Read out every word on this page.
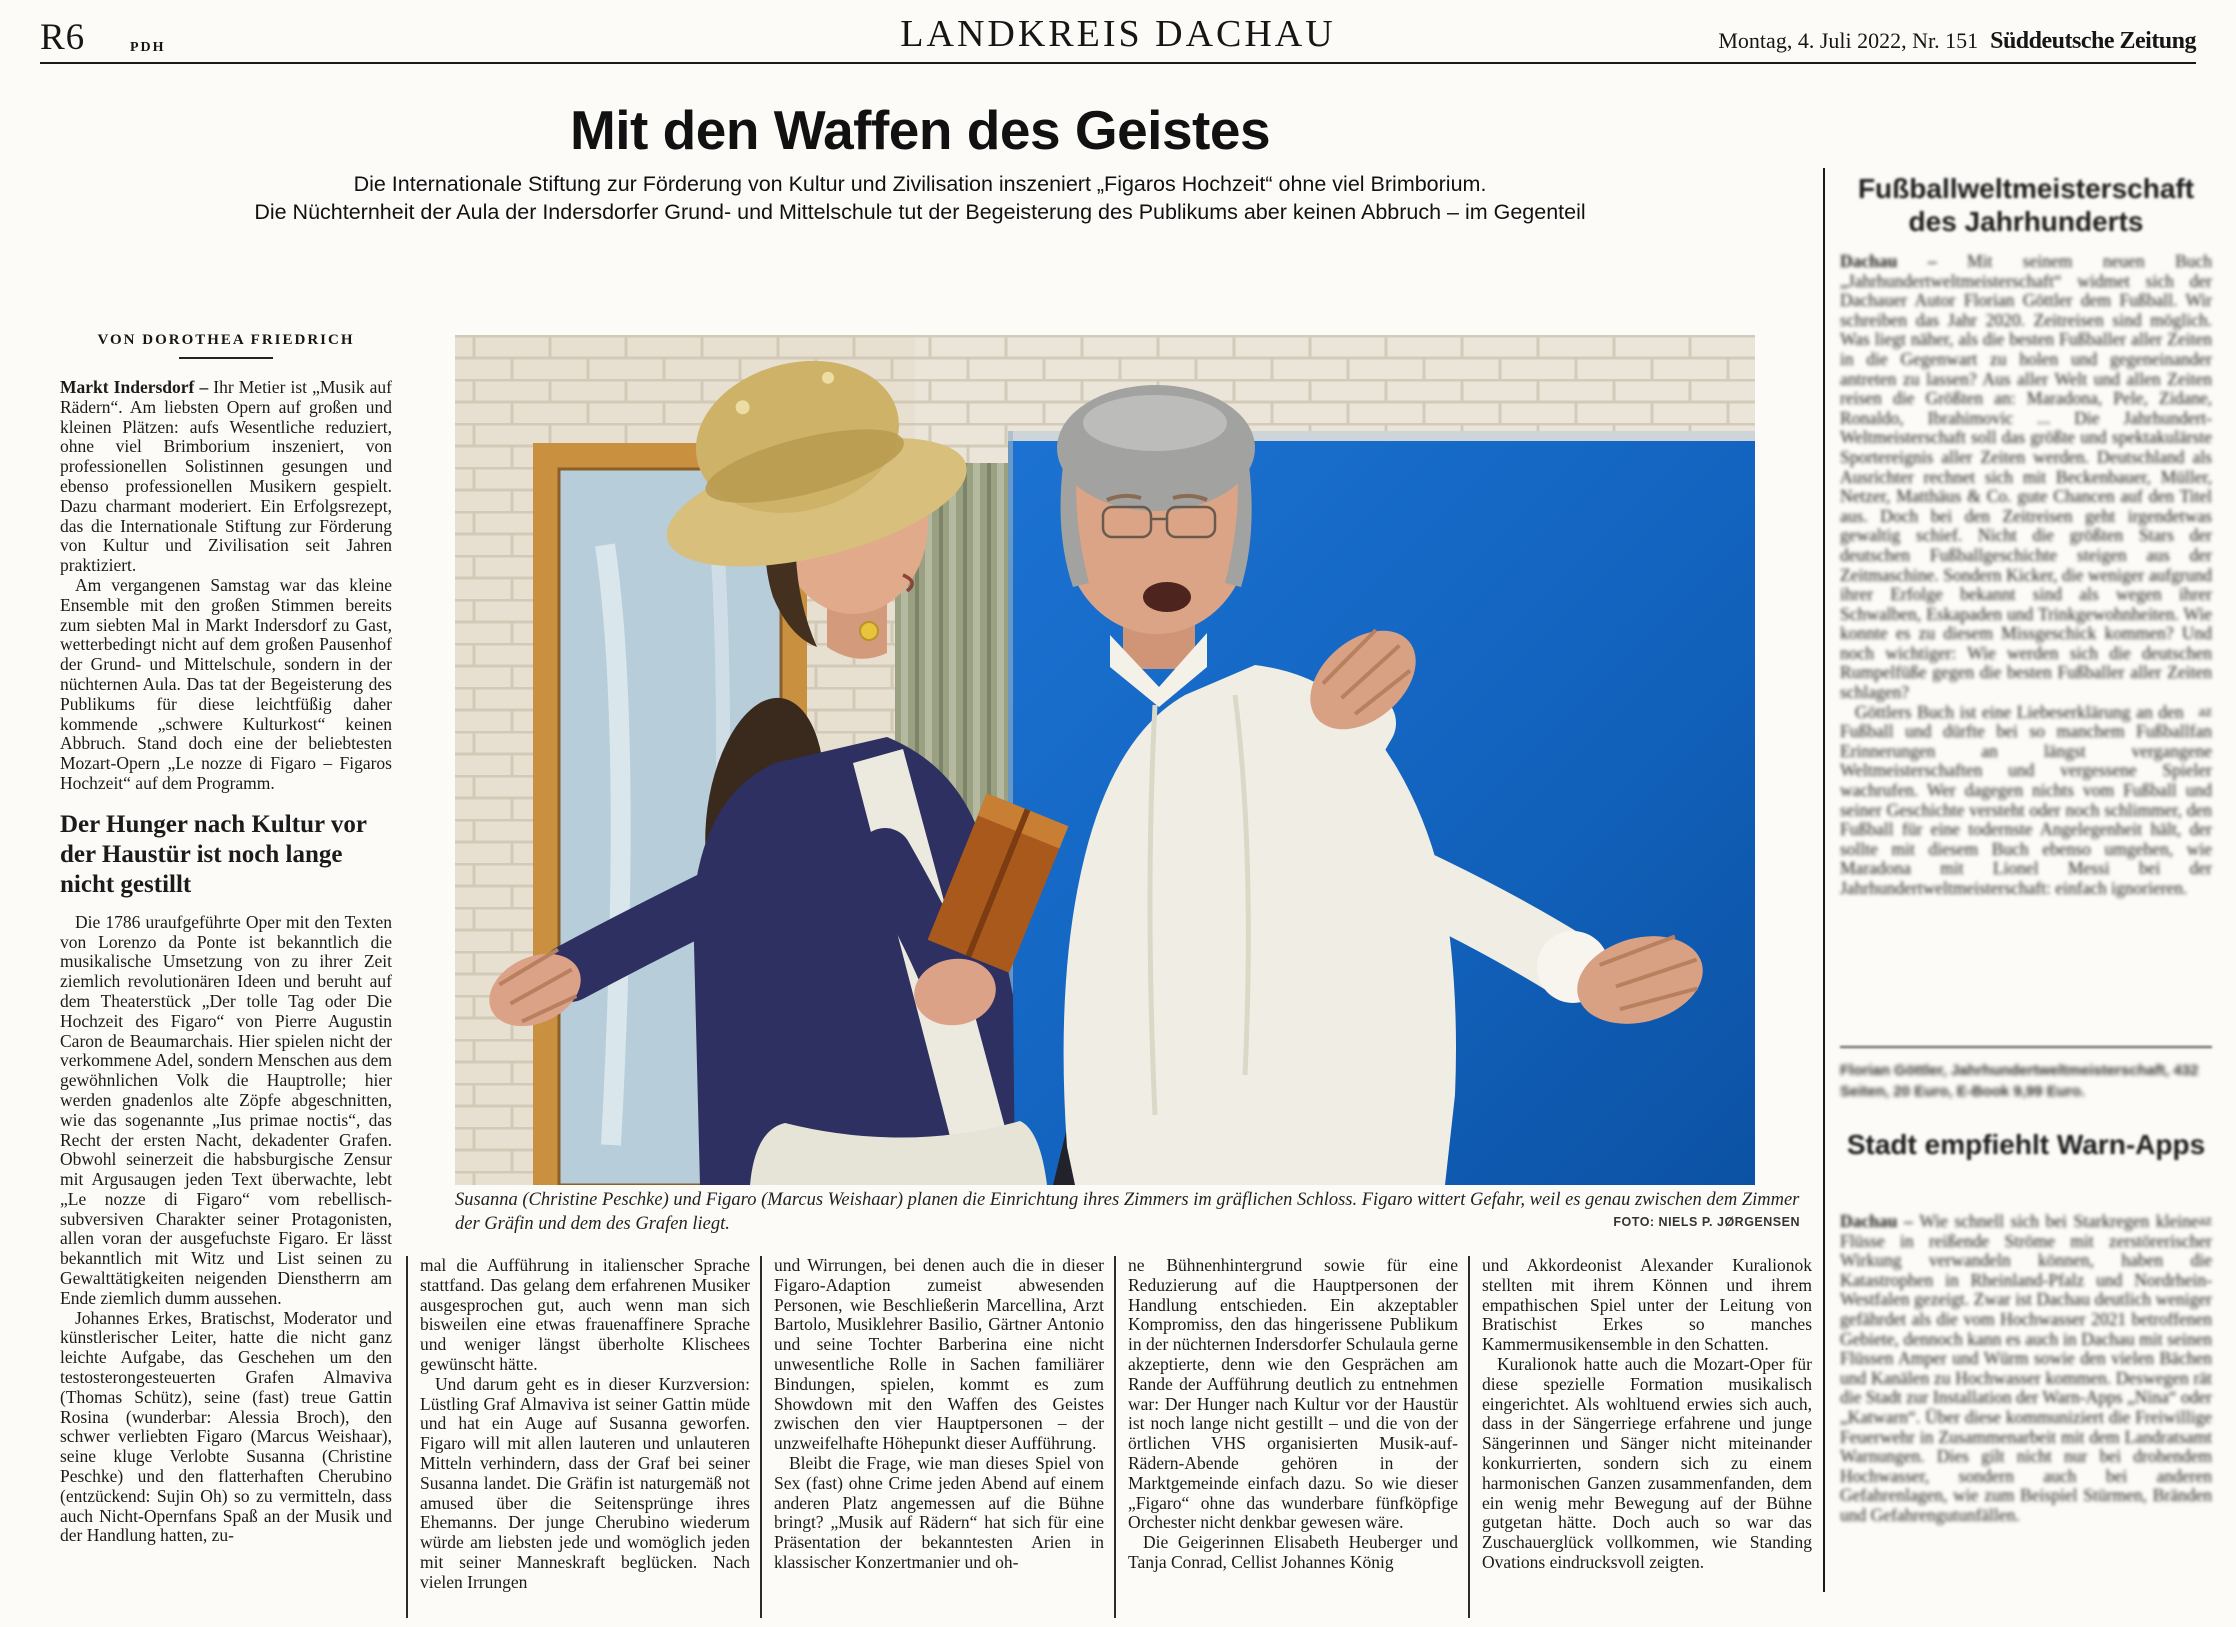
R6	PDH	LANDKREIS DACHAU	Montag, 4. Juli 2022, Nr. 151 Süddeutsche Zeitung
Mit den Waffen des Geistes
Die Internationale Stiftung zur Förderung von Kultur und Zivilisation inszeniert „Figaros Hochzeit“ ohne viel Brimborium.
Die Nüchternheit der Aula der Indersdorfer Grund- und Mittelschule tut der Begeisterung des Publikums aber keinen Abbruch – im Gegenteil
VON DOROTHEA FRIEDRICH

Markt Indersdorf – Ihr Metier ist „Musik auf Rädern“. Am liebsten Opern auf großen und kleinen Plätzen: aufs Wesentliche reduziert, ohne viel Brimborium inszeniert, von professionellen Solistinnen gesungen und ebenso professionellen Musikern gespielt. Dazu charmant moderiert. Ein Erfolgsrezept, das die Internationale Stiftung zur Förderung von Kultur und Zivilisation seit Jahren praktiziert.

Am vergangenen Samstag war das kleine Ensemble mit den großen Stimmen bereits zum siebten Mal in Markt Indersdorf zu Gast, wetterbedingt nicht auf dem großen Pausenhof der Grund- und Mittelschule, sondern in der nüchternen Aula. Das tat der Begeisterung des Publikums für diese leichtfüßig daher kommende „schwere Kulturkost“ keinen Abbruch. Stand doch eine der beliebtesten Mozart-Opern „Le nozze di Figaro – Figaros Hochzeit“ auf dem Programm.

Der Hunger nach Kultur vor der Haustür ist noch lange nicht gestillt

Die 1786 uraufgeführte Oper mit den Texten von Lorenzo da Ponte ist bekanntlich die musikalische Umsetzung von zu ihrer Zeit ziemlich revolutionären Ideen und beruht auf dem Theaterstück „Der tolle Tag oder Die Hochzeit des Figaro“ von Pierre Augustin Caron de Beaumarchais. Hier spielen nicht der verkommene Adel, sondern Menschen aus dem gewöhnlichen Volk die Hauptrolle; hier werden gnadenlos alte Zöpfe abgeschnitten, wie das sogenannte „Ius primae noctis“, das Recht der ersten Nacht, dekadenter Grafen. Obwohl seinerzeit die habsburgische Zensur mit Argusaugen jeden Text überwachte, lebt „Le nozze di Figaro“ vom rebellisch-subversiven Charakter seiner Protagonisten, allen voran der ausgefuchste Figaro. Er lässt bekanntlich mit Witz und List seinen zu Gewalttätigkeiten neigenden Dienstherrn am Ende ziemlich dumm aussehen.

Johannes Erkes, Bratischst, Moderator und künstlerischer Leiter, hatte die nicht ganz leichte Aufgabe, das Geschehen um den testosterongesteuerten Grafen Almaviva (Thomas Schütz), seine (fast) treue Gattin Rosina (wunderbar: Alessia Broch), den schwer verliebten Figaro (Marcus Weishaar), seine kluge Verlobte Susanna (Christine Peschke) und den flatterhaften Cherubino (entzückend: Sujin Oh) so zu vermitteln, dass auch Nicht-Opernfans Spaß an der Musik und der Handlung hatten, zu-

Susanna (Christine Peschke) und Figaro (Marcus Weishaar) planen die Einrichtung ihres Zimmers im gräflichen Schloss. Figaro wittert Gefahr, weil es genau zwischen dem Zimmer der Gräfin und dem des Grafen liegt.	FOTO: NIELS P. JØRGENSEN

mal die Aufführung in italienscher Sprache stattfand. Das gelang dem erfahrenen Musiker ausgesprochen gut, auch wenn man sich bisweilen eine etwas frauenaffinere Sprache und weniger längst überholte Klischees gewünscht hätte.

Und darum geht es in dieser Kurzversion: Lüstling Graf Almaviva ist seiner Gattin müde und hat ein Auge auf Susanna geworfen. Figaro will mit allen lauteren und unlauteren Mitteln verhindern, dass der Graf bei seiner Susanna landet. Die Gräfin ist naturgemäß not amused über die Seitensprünge ihres Ehemanns. Der junge Cherubino wiederum würde am liebsten jede und womöglich jeden mit seiner Manneskraft beglücken. Nach vielen Irrungen

und Wirrungen, bei denen auch die in dieser Figaro-Adaption zumeist abwesenden Personen, wie Beschließerin Marcellina, Arzt Bartolo, Musiklehrer Basilio, Gärtner Antonio und seine Tochter Barberina eine nicht unwesentliche Rolle in Sachen familiärer Bindungen, spielen, kommt es zum Showdown mit den Waffen des Geistes zwischen den vier Hauptpersonen – der unzweifelhafte Höhepunkt dieser Aufführung.

Bleibt die Frage, wie man dieses Spiel von Sex (fast) ohne Crime jeden Abend auf einem anderen Platz angemessen auf die Bühne bringt? „Musik auf Rädern“ hat sich für eine Präsentation der bekanntesten Arien in klassischer Konzertmanier und oh-

ne Bühnenhintergrund sowie für eine Reduzierung auf die Hauptpersonen der Handlung entschieden. Ein akzeptabler Kompromiss, den das hingerissene Publikum in der nüchternen Indersdorfer Schulaula gerne akzeptierte, denn wie den Gesprächen am Rande der Aufführung deutlich zu entnehmen war: Der Hunger nach Kultur vor der Haustür ist noch lange nicht gestillt – und die von der örtlichen VHS organisierten Musik-auf-Rädern-Abende gehören in der Marktgemeinde einfach dazu. So wie dieser „Figaro“ ohne das wunderbare fünfköpfige Orchester nicht denkbar gewesen wäre.

Die Geigerinnen Elisabeth Heuberger und Tanja Conrad, Cellist Johannes König

und Akkordeonist Alexander Kuralionok stellten mit ihrem Können und ihrem empathischen Spiel unter der Leitung von Bratischist Erkes so manches Kammermusikensemble in den Schatten.

Kuralionok hatte auch die Mozart-Oper für diese spezielle Formation musikalisch eingerichtet. Als wohltuend erwies sich auch, dass in der Sängerriege erfahrene und junge Sängerinnen und Sänger nicht miteinander konkurrierten, sondern sich zu einem harmonischen Ganzen zusammenfanden, dem ein wenig mehr Bewegung auf der Bühne gutgetan hätte. Doch auch so war das Zuschauerglück vollkommen, wie Standing Ovations eindrucksvoll zeigten.

Fußballweltmeisterschaft des Jahrhunderts

Dachau – Mit seinem neuen Buch „Jahrhundertweltmeisterschaft“ widmet sich der Dachauer Autor Florian Göttler dem Fußball. Wir schreiben das Jahr 2020. Zeitreisen sind möglich. Was liegt näher, als die besten Fußballer aller Zeiten in die Gegenwart zu holen und gegeneinander antreten zu lassen? Aus aller Welt und allen Zeiten reisen die Größten an: Maradona, Pele, Zidane, Ronaldo, Ibrahimovic ... Die Jahrhundert-Weltmeisterschaft soll das größte und spektakulärste Sportereignis aller Zeiten werden. Deutschland als Ausrichter rechnet sich mit Beckenbauer, Müller, Netzer, Matthäus & Co. gute Chancen auf den Titel aus. Doch bei den Zeitreisen geht irgendetwas gewaltig schief. Nicht die größten Stars der deutschen Fußballgeschichte steigen aus der Zeitmaschine. Sondern Kicker, die weniger aufgrund ihrer Erfolge bekannt sind als wegen ihrer Schwalben, Eskapaden und Trinkgewohnheiten. Wie konnte es zu diesem Missgeschick kommen? Und noch wichtiger: Wie werden sich die deutschen Rumpelfüße gegen die besten Fußballer aller Zeiten schlagen?

az
Göttlers Buch ist eine Liebeserklärung an den Fußball und dürfte bei so manchem Fußballfan Erinnerungen an längst vergangene Weltmeisterschaften und vergessene Spieler wachrufen. Wer dagegen nichts vom Fußball und seiner Geschichte versteht oder noch schlimmer, den Fußball für eine todernste Angelegenheit hält, der sollte mit diesem Buch ebenso umgehen, wie Maradona mit Lionel Messi bei der Jahrhundertweltmeisterschaft: einfach ignorieren.

Florian Göttler, Jahrhundertweltmeisterschaft, 432 Seiten, 20 Euro, E-Book 9,99 Euro.
Stadt empfiehlt Warn-Apps

az
Dachau – Wie schnell sich bei Starkregen kleine Flüsse in reißende Ströme mit zerstörerischer Wirkung verwandeln können, haben die Katastrophen in Rheinland-Pfalz und Nordrhein-Westfalen gezeigt. Zwar ist Dachau deutlich weniger gefährdet als die vom Hochwasser 2021 betroffenen Gebiete, dennoch kann es auch in Dachau mit seinen Flüssen Amper und Würm sowie den vielen Bächen und Kanälen zu Hochwasser kommen. Deswegen rät die Stadt zur Installation der Warn-Apps „Nina“ oder „Katwarn“. Über diese kommuniziert die Freiwillige Feuerwehr in Zusammenarbeit mit dem Landratsamt Warnungen. Dies gilt nicht nur bei drohendem Hochwasser, sondern auch bei anderen Gefahrenlagen, wie zum Beispiel Stürmen, Bränden und Gefahrengutunfällen.
